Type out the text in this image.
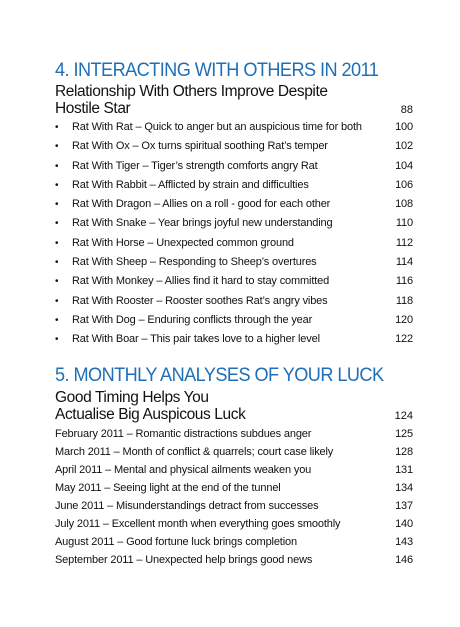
4. INTERACTING WITH OTHERS IN 2011
Relationship With Others Improve Despite
Hostile Star	88
•	Rat With Rat – Quick to anger but an auspicious time for both	100
•	Rat With Ox – Ox turns spiritual soothing Rat’s temper	102
•	Rat With Tiger – Tiger’s strength comforts angry Rat	104
•	Rat With Rabbit – Afflicted by strain and difficulties	106
•	Rat With Dragon – Allies on a roll - good for each other	108
•	Rat With Snake – Year brings joyful new understanding	110
•	Rat With Horse – Unexpected common ground	112
•	Rat With Sheep – Responding to Sheep’s overtures	114
•	Rat With Monkey – Allies find it hard to stay committed	116
•	Rat With Rooster – Rooster soothes Rat’s angry vibes	118
•	Rat With Dog – Enduring conflicts through the year	120
•	Rat With Boar – This pair takes love to a higher level	122
5. MONTHLY ANALYSES OF YOUR LUCK
Good Timing Helps You
Actualise Big Auspicous Luck	124
February 2011 – Romantic distractions subdues anger	125
March 2011 – Month of conflict & quarrels; court case likely	128
April 2011 – Mental and physical ailments weaken you	131
May 2011 – Seeing light at the end of the tunnel	134
June 2011 – Misunderstandings detract from successes	137
July 2011 – Excellent month when everything goes smoothly	140
August 2011 – Good fortune luck brings completion	143
September 2011 – Unexpected help brings good news	146
